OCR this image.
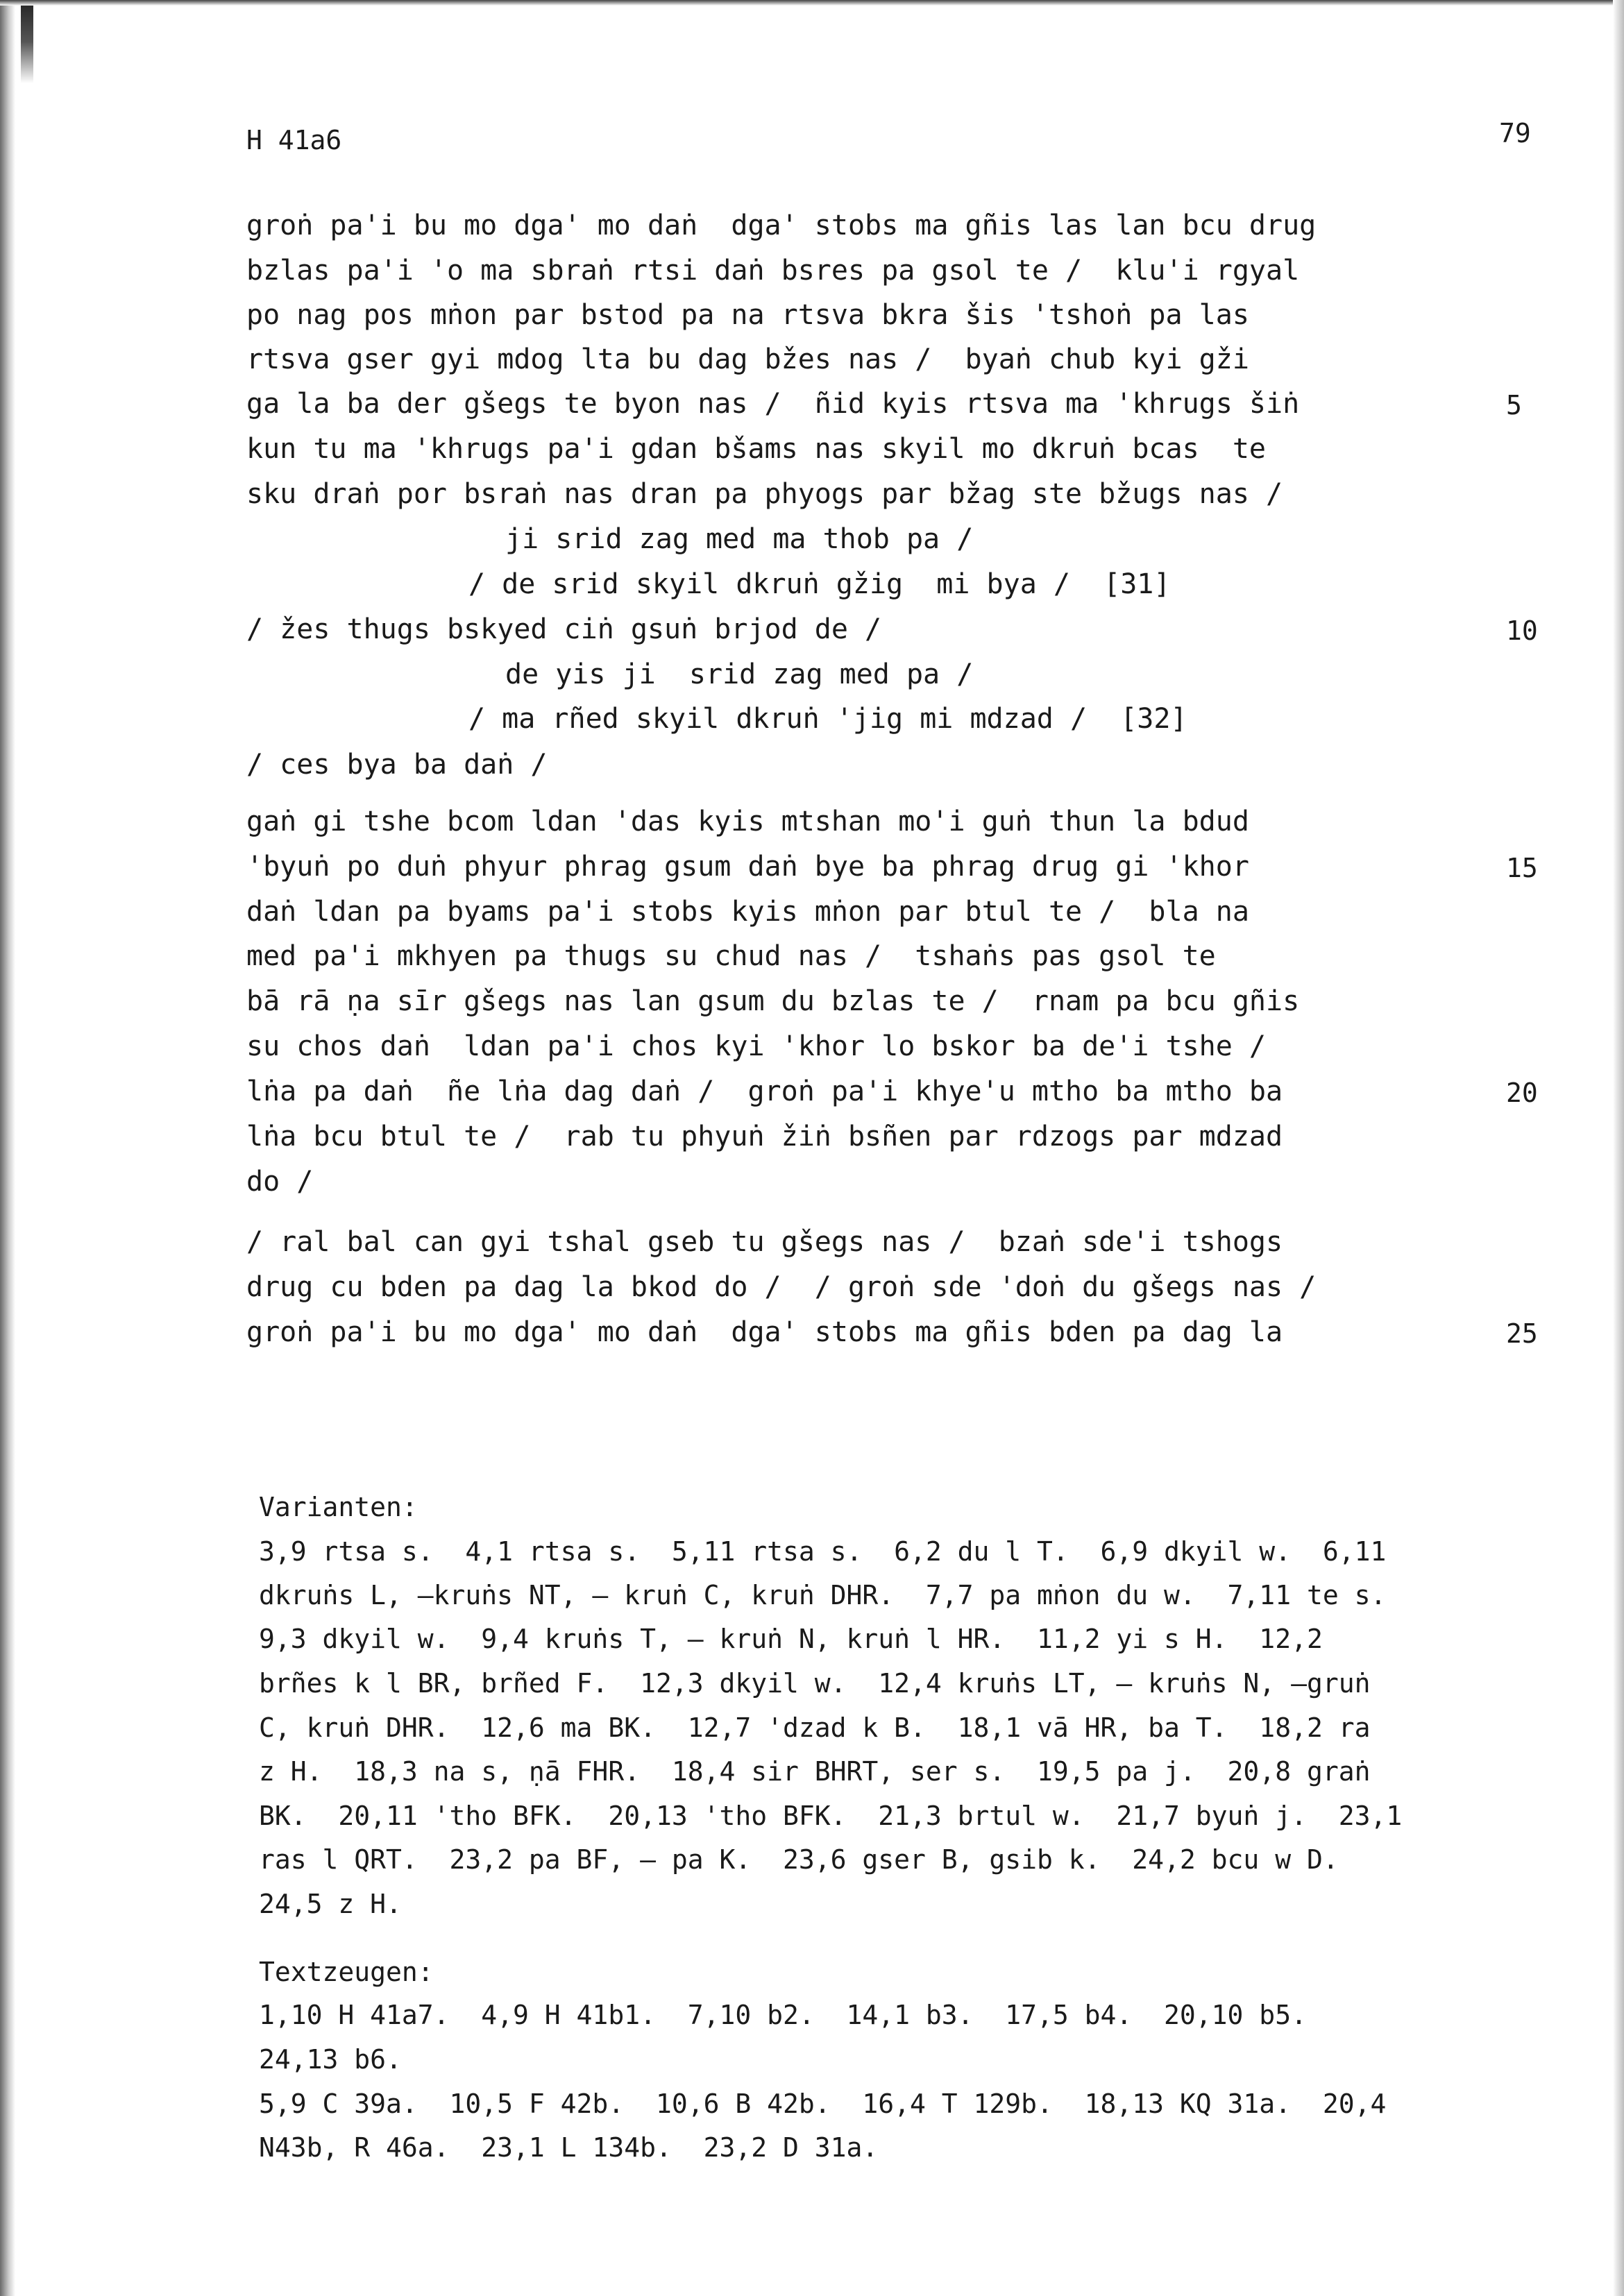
H 41a6	79
groṅ pa'i bu mo dga' mo daṅ  dga' stobs ma gñis las lan bcu drug
bzlas pa'i 'o ma sbraṅ rtsi daṅ bsres pa gsol te /  klu'i rgyal
po nag pos mṅon par bstod pa na rtsva bkra šis 'tshoṅ pa las
rtsva gser gyi mdog lta bu dag bžes nas /  byaṅ chub kyi gži
ga la ba der gšegs te byon nas /  ñid kyis rtsva ma 'khrugs šiṅ
kun tu ma 'khrugs pa'i gdan bšams nas skyil mo dkruṅ bcas  te
sku draṅ por bsraṅ nas dran pa phyogs par bžag ste bžugs nas /
ji srid zag med ma thob pa /
/ de srid skyil dkruṅ gžig  mi bya /  [31]
/ žes thugs bskyed ciṅ gsuṅ brjod de /
de yis ji  srid zag med pa /
/ ma rñed skyil dkruṅ 'jig mi mdzad /  [32]
/ ces bya ba daṅ /
gaṅ gi tshe bcom ldan 'das kyis mtshan mo'i guṅ thun la bdud
'byuṅ po duṅ phyur phrag gsum daṅ bye ba phrag drug gi 'khor
daṅ ldan pa byams pa'i stobs kyis mṅon par btul te /  bla na
med pa'i mkhyen pa thugs su chud nas /  tshaṅs pas gsol te
bā rā ṇa sīr gšegs nas lan gsum du bzlas te /  rnam pa bcu gñis
su chos daṅ  ldan pa'i chos kyi 'khor lo bskor ba de'i tshe /
lṅa pa daṅ  ñe lṅa dag daṅ /  groṅ pa'i khye'u mtho ba mtho ba
lṅa bcu btul te /  rab tu phyuṅ žiṅ bsñen par rdzogs par mdzad
do /
/ ral bal can gyi tshal gseb tu gšegs nas /  bzaṅ sde'i tshogs
drug cu bden pa dag la bkod do /  / groṅ sde 'doṅ du gšegs nas /
groṅ pa'i bu mo dga' mo daṅ  dga' stobs ma gñis bden pa dag la
5
10
15
20
25
Varianten:
3,9 rtsa s.  4,1 rtsa s.  5,11 rtsa s.  6,2 du l T.  6,9 dkyil w.  6,11
dkruṅs L, —kruṅs NT, — kruṅ C, kruṅ DHR.  7,7 pa mṅon du w.  7,11 te s.
9,3 dkyil w.  9,4 kruṅs T, — kruṅ N, kruṅ l HR.  11,2 yi s H.  12,2
brñes k l BR, brñed F.  12,3 dkyil w.  12,4 kruṅs LT, — kruṅs N, —gruṅ
C, kruṅ DHR.  12,6 ma BK.  12,7 'dzad k B.  18,1 vā HR, ba T.  18,2 ra
z H.  18,3 na s, ṇā FHR.  18,4 sir BHRT, ser s.  19,5 pa j.  20,8 graṅ
BK.  20,11 'tho BFK.  20,13 'tho BFK.  21,3 brtul w.  21,7 byuṅ j.  23,1
ras l QRT.  23,2 pa BF, — pa K.  23,6 gser B, gsib k.  24,2 bcu w D.
24,5 z H.
Textzeugen:
1,10 H 41a7.  4,9 H 41b1.  7,10 b2.  14,1 b3.  17,5 b4.  20,10 b5.
24,13 b6.
5,9 C 39a.  10,5 F 42b.  10,6 B 42b.  16,4 T 129b.  18,13 KQ 31a.  20,4
N43b, R 46a.  23,1 L 134b.  23,2 D 31a.
